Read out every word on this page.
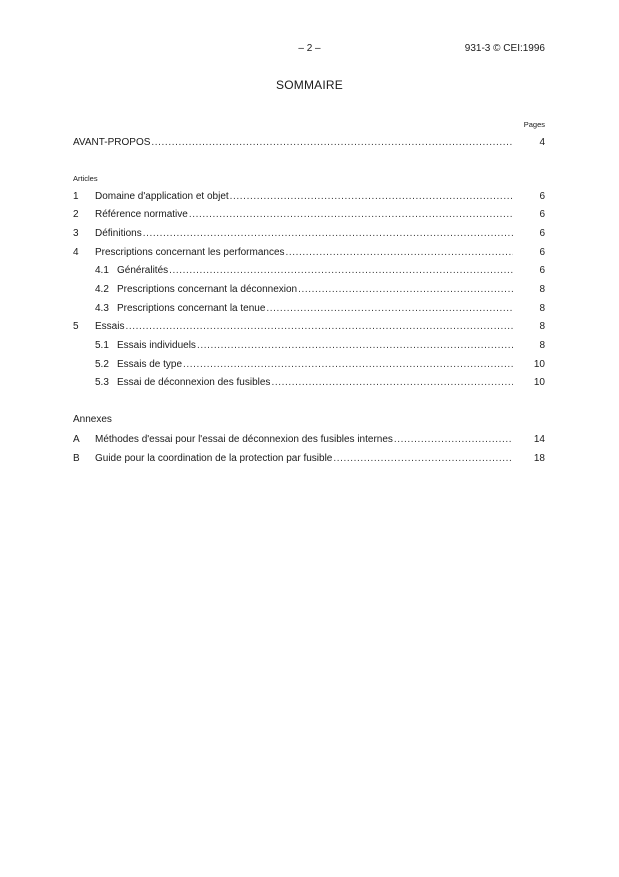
– 2 –	931-3 © CEI:1996
SOMMAIRE
Pages
AVANT-PROPOS .....	4
Articles
1	Domaine d'application et objet .....	6
2	Référence normative .....	6
3	Définitions .....	6
4	Prescriptions concernant les performances .....	6
4.1 Généralités .....	6
4.2 Prescriptions concernant la déconnexion .....	8
4.3 Prescriptions concernant la tenue .....	8
5	Essais .....	8
5.1 Essais individuels .....	8
5.2 Essais de type .....	10
5.3 Essai de déconnexion des fusibles .....	10
Annexes
A	Méthodes d'essai pour l'essai de déconnexion des fusibles internes .....	14
B	Guide pour la coordination de la protection par fusible .....	18
